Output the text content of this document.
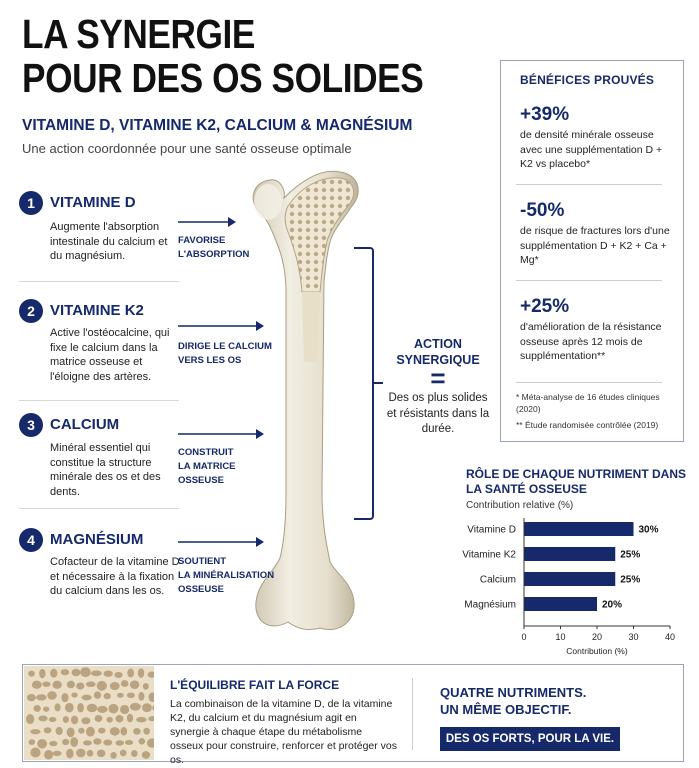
LA SYNERGIE
POUR DES OS SOLIDES
VITAMINE D, VITAMINE K2, CALCIUM & MAGNÉSIUM
Une action coordonnée pour une santé osseuse optimale
1	VITAMINE D
Augmente l'absorption intestinale du calcium et du magnésium.
FAVORISE
L'ABSORPTION
2	VITAMINE K2
Active l'ostéocalcine, qui fixe le calcium dans la matrice osseuse et l'éloigne des artères.
DIRIGE LE CALCIUM
VERS LES OS
3	CALCIUM
Minéral essentiel qui constitue la structure minérale des os et des dents.
CONSTRUIT
LA MATRICE
OSSEUSE
4	MAGNÉSIUM
Cofacteur de la vitamine D et nécessaire à la fixation du calcium dans les os.
SOUTIENT
LA MINÉRALISATION
OSSEUSE
ACTION SYNERGIQUE
=
Des os plus solides et résistants dans la durée.
BÉNÉFICES PROUVÉS
+39%
de densité minérale osseuse avec une supplémentation D + K2 vs placebo*
-50%
de risque de fractures lors d'une supplémentation D + K2 + Ca + Mg*
+25%
d'amélioration de la résistance osseuse après 12 mois de supplémentation**
* Méta-analyse de 16 études cliniques (2020)
** Étude randomisée contrôlée (2019)
RÔLE DE CHAQUE NUTRIMENT DANS LA SANTÉ OSSEUSE
Contribution relative (%)
Vitamine D	30%
Vitamine K2	25%
Calcium	25%
Magnésium	20%
0	10	20	30	40
Contribution (%)
L'ÉQUILIBRE FAIT LA FORCE
La combinaison de la vitamine D, de la vitamine K2, du calcium et du magnésium agit en synergie à chaque étape du métabolisme osseux pour construire, renforcer et protéger vos os.
QUATRE NUTRIMENTS.
UN MÊME OBJECTIF.
DES OS FORTS, POUR LA VIE.
